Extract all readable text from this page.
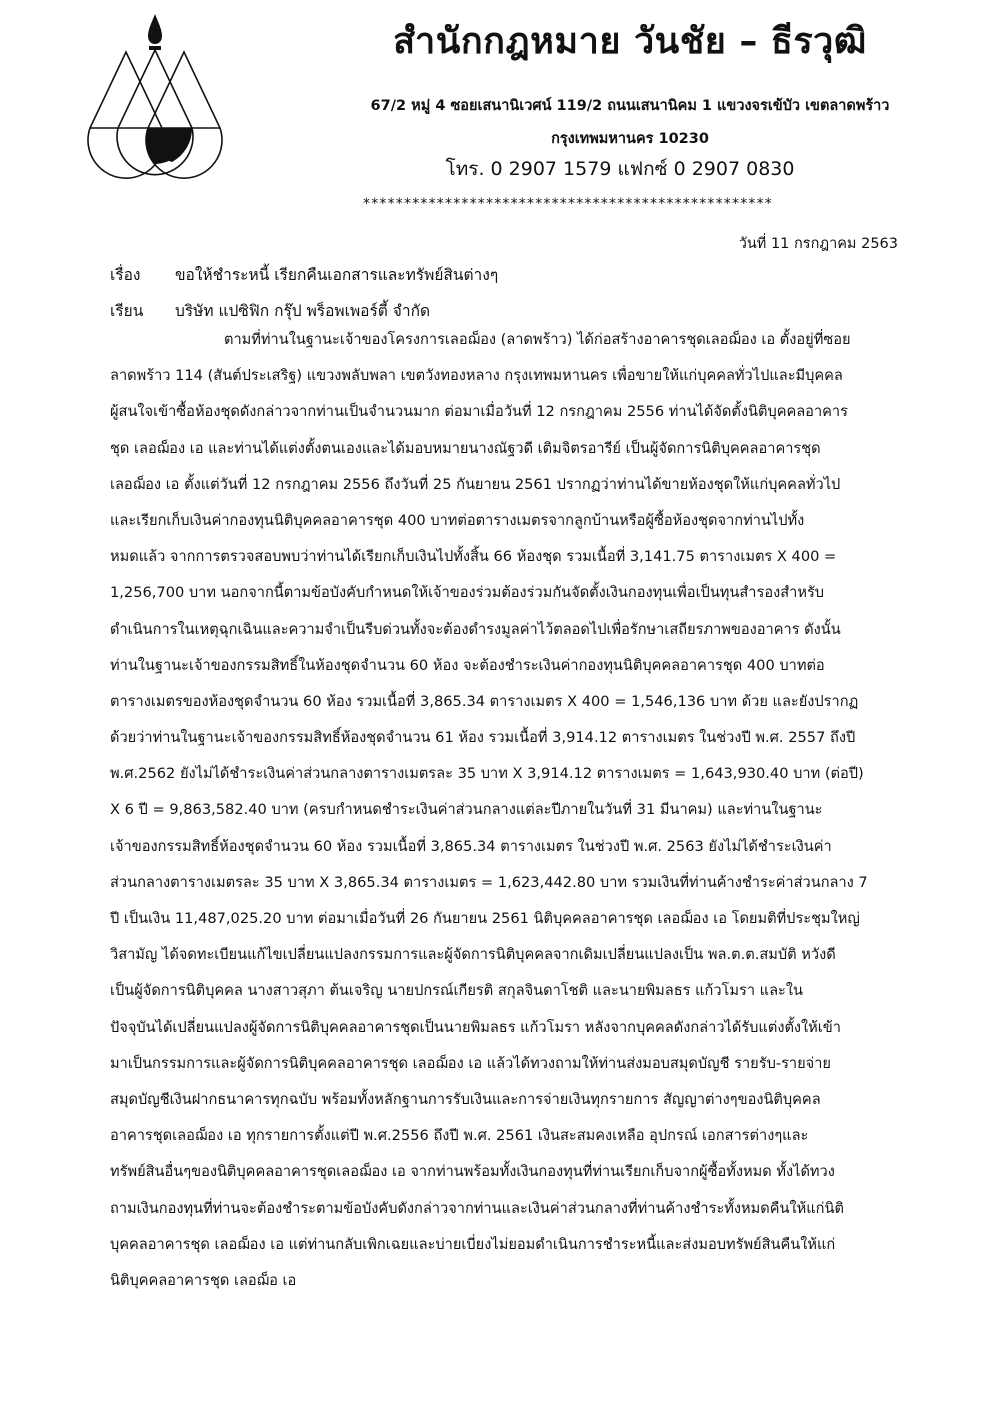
สำนักกฎหมาย วันชัย – ธีรวุฒิ
67/2 หมู่ 4 ซอยเสนานิเวศน์ 119/2 ถนนเสนานิคม 1 แขวงจรเข้บัว เขตลาดพร้าว
กรุงเทพมหานคร 10230
โทร. 0 2907 1579 แฟกซ์ 0 2907 0830
**************************************************
วันที่ 11 กรกฎาคม 2563
เรื่อง ขอให้ชำระหนี้ เรียกคืนเอกสารและทรัพย์สินต่างๆ
เรียน บริษัท แปซิฟิก กรุ๊ป พร็อพเพอร์ตี้ จำกัด
ตามที่ท่านในฐานะเจ้าของโครงการเลอฌ็อง (ลาดพร้าว) ได้ก่อสร้างอาคารชุดเลอฌ็อง เอ ตั้งอยู่ที่ซอย
ลาดพร้าว 114 (สันต์ประเสริฐ) แขวงพลับพลา เขตวังทองหลาง กรุงเทพมหานคร เพื่อขายให้แก่บุคคลทั่วไปและมีบุคคล
ผู้สนใจเข้าซื้อห้องชุดดังกล่าวจากท่านเป็นจำนวนมาก ต่อมาเมื่อวันที่ 12 กรกฎาคม 2556 ท่านได้จัดตั้งนิติบุคคลอาคาร
ชุด เลอฌ็อง เอ และท่านได้แต่งตั้งตนเองและได้มอบหมายนางณัฐวดี เติมจิตรอารีย์ เป็นผู้จัดการนิติบุคคลอาคารชุด
เลอฌ็อง เอ ตั้งแต่วันที่ 12 กรกฎาคม 2556 ถึงวันที่ 25 กันยายน 2561 ปรากฏว่าท่านได้ขายห้องชุดให้แก่บุคคลทั่วไป
และเรียกเก็บเงินค่ากองทุนนิติบุคคลอาคารชุด 400 บาทต่อตารางเมตรจากลูกบ้านหรือผู้ซื้อห้องชุดจากท่านไปทั้ง
หมดแล้ว จากการตรวจสอบพบว่าท่านได้เรียกเก็บเงินไปทั้งสิ้น 66 ห้องชุด รวมเนื้อที่ 3,141.75 ตารางเมตร X 400 =
1,256,700 บาท นอกจากนี้ตามข้อบังคับกำหนดให้เจ้าของร่วมต้องร่วมกันจัดตั้งเงินกองทุนเพื่อเป็นทุนสำรองสำหรับ
ดำเนินการในเหตุฉุกเฉินและความจำเป็นรีบด่วนทั้งจะต้องดำรงมูลค่าไว้ตลอดไปเพื่อรักษาเสถียรภาพของอาคาร ดังนั้น
ท่านในฐานะเจ้าของกรรมสิทธิ์ในห้องชุดจำนวน 60 ห้อง จะต้องชำระเงินค่ากองทุนนิติบุคคลอาคารชุด 400 บาทต่อ
ตารางเมตรของห้องชุดจำนวน 60 ห้อง รวมเนื้อที่ 3,865.34 ตารางเมตร X 400 = 1,546,136 บาท ด้วย และยังปรากฏ
ด้วยว่าท่านในฐานะเจ้าของกรรมสิทธิ์ห้องชุดจำนวน 61 ห้อง รวมเนื้อที่ 3,914.12 ตารางเมตร ในช่วงปี พ.ศ. 2557 ถึงปี
พ.ศ.2562 ยังไม่ได้ชำระเงินค่าส่วนกลางตารางเมตรละ 35 บาท X 3,914.12 ตารางเมตร = 1,643,930.40 บาท (ต่อปี)
X 6 ปี = 9,863,582.40 บาท (ครบกำหนดชำระเงินค่าส่วนกลางแต่ละปีภายในวันที่ 31 มีนาคม) และท่านในฐานะ
เจ้าของกรรมสิทธิ์ห้องชุดจำนวน 60 ห้อง รวมเนื้อที่ 3,865.34 ตารางเมตร ในช่วงปี พ.ศ. 2563 ยังไม่ได้ชำระเงินค่า
ส่วนกลางตารางเมตรละ 35 บาท X 3,865.34 ตารางเมตร = 1,623,442.80 บาท รวมเงินที่ท่านค้างชำระค่าส่วนกลาง 7
ปี เป็นเงิน 11,487,025.20 บาท ต่อมาเมื่อวันที่ 26 กันยายน 2561 นิติบุคคลอาคารชุด เลอฌ็อง เอ โดยมติที่ประชุมใหญ่
วิสามัญ ได้จดทะเบียนแก้ไขเปลี่ยนแปลงกรรมการและผู้จัดการนิติบุคคลจากเดิมเปลี่ยนแปลงเป็น พล.ต.ต.สมบัติ หวังดี
เป็นผู้จัดการนิติบุคคล นางสาวสุภา ต้นเจริญ นายปกรณ์เกียรติ สกุลจินดาโชติ และนายพิมลธร แก้วโมรา และใน
ปัจจุบันได้เปลี่ยนแปลงผู้จัดการนิติบุคคลอาคารชุดเป็นนายพิมลธร แก้วโมรา หลังจากบุคคลดังกล่าวได้รับแต่งตั้งให้เข้า
มาเป็นกรรมการและผู้จัดการนิติบุคคลอาคารชุด เลอฌ็อง เอ แล้วได้ทวงถามให้ท่านส่งมอบสมุดบัญชี รายรับ-รายจ่าย
สมุดบัญชีเงินฝากธนาคารทุกฉบับ พร้อมทั้งหลักฐานการรับเงินและการจ่ายเงินทุกรายการ สัญญาต่างๆของนิติบุคคล
อาคารชุดเลอฌ็อง เอ ทุกรายการตั้งแต่ปี พ.ศ.2556 ถึงปี พ.ศ. 2561 เงินสะสมคงเหลือ อุปกรณ์ เอกสารต่างๆและ
ทรัพย์สินอื่นๆของนิติบุคคลอาคารชุดเลอฌ็อง เอ จากท่านพร้อมทั้งเงินกองทุนที่ท่านเรียกเก็บจากผู้ซื้อทั้งหมด ทั้งได้ทวง
ถามเงินกองทุนที่ท่านจะต้องชำระตามข้อบังคับดังกล่าวจากท่านและเงินค่าส่วนกลางที่ท่านค้างชำระทั้งหมดคืนให้แก่นิติ
บุคคลอาคารชุด เลอฌ็อง เอ แต่ท่านกลับเพิกเฉยและบ่ายเบี่ยงไม่ยอมดำเนินการชำระหนี้และส่งมอบทรัพย์สินคืนให้แก่
นิติบุคคลอาคารชุด เลอฌ็อ เอ
